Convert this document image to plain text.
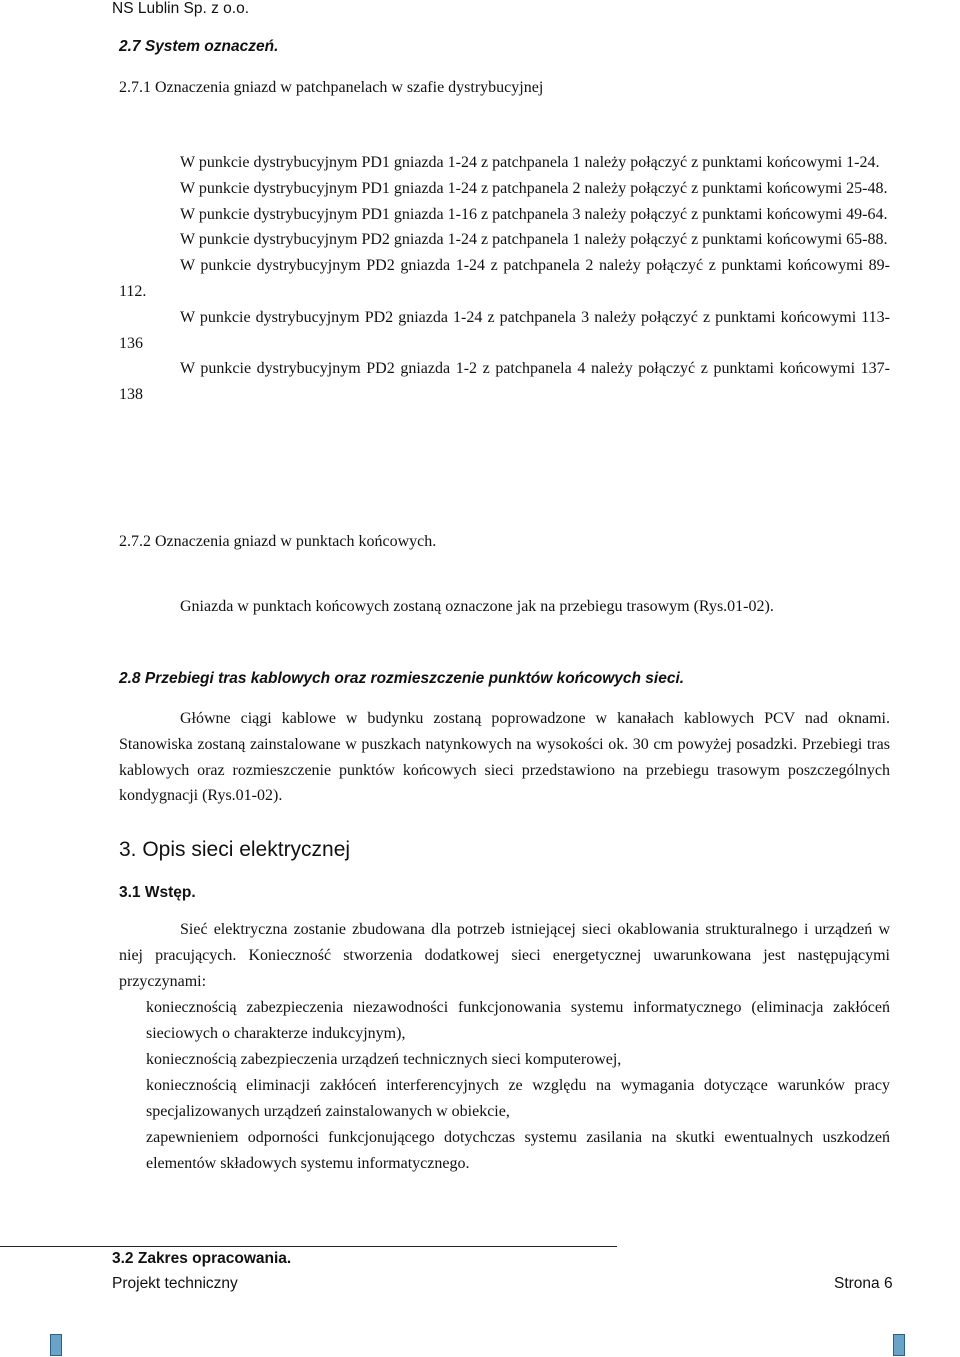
NS Lublin Sp. z o.o.
2.7 System oznaczeń.
2.7.1 Oznaczenia gniazd w patchpanelach w szafie dystrybucyjnej

W punkcie dystrybucyjnym PD1 gniazda 1-24 z patchpanela 1 należy połączyć z punktami końcowymi 1-24.

W punkcie dystrybucyjnym PD1 gniazda 1-24 z patchpanela 2 należy połączyć z punktami końcowymi 25-48.

W punkcie dystrybucyjnym PD1 gniazda 1-16 z patchpanela 3 należy połączyć z punktami końcowymi 49-64.

W punkcie dystrybucyjnym PD2 gniazda 1-24 z patchpanela 1 należy połączyć z punktami końcowymi 65-88.

W punkcie dystrybucyjnym PD2 gniazda 1-24 z patchpanela 2 należy połączyć z punktami końcowymi 89-112.

W punkcie dystrybucyjnym PD2 gniazda 1-24 z patchpanela 3 należy połączyć z punktami końcowymi 113-136

W punkcie dystrybucyjnym PD2 gniazda 1-2 z patchpanela 4 należy połączyć z punktami końcowymi 137-138

2.7.2 Oznaczenia gniazd w punktach końcowych.
Gniazda w punktach końcowych zostaną oznaczone jak na przebiegu trasowym (Rys.01-02).
2.8 Przebiegi tras kablowych oraz rozmieszczenie punktów końcowych sieci.

Główne ciągi kablowe w budynku zostaną poprowadzone w kanałach kablowych PCV nad oknami. Stanowiska zostaną zainstalowane w puszkach natynkowych na wysokości ok. 30 cm powyżej posadzki. Przebiegi tras kablowych oraz rozmieszczenie punktów końcowych sieci przedstawiono na przebiegu trasowym poszczególnych kondygnacji (Rys.01-02).

3. Opis sieci elektrycznej
3.1 Wstęp.

Sieć elektryczna zostanie zbudowana dla potrzeb istniejącej sieci okablowania strukturalnego i urządzeń w niej pracujących. Konieczność stworzenia dodatkowej sieci energetycznej uwarunkowana jest następującymi przyczynami:

koniecznością zabezpieczenia niezawodności funkcjonowania systemu informatycznego (eliminacja zakłóceń sieciowych o charakterze indukcyjnym),

koniecznością zabezpieczenia urządzeń technicznych sieci komputerowej,

koniecznością eliminacji zakłóceń interferencyjnych ze względu na wymagania dotyczące warunków pracy specjalizowanych urządzeń zainstalowanych w obiekcie,

zapewnieniem odporności funkcjonującego dotychczas systemu zasilania na skutki ewentualnych uszkodzeń elementów składowych systemu informatycznego.

3.2 Zakres opracowania.
Projekt techniczny	Strona 6
